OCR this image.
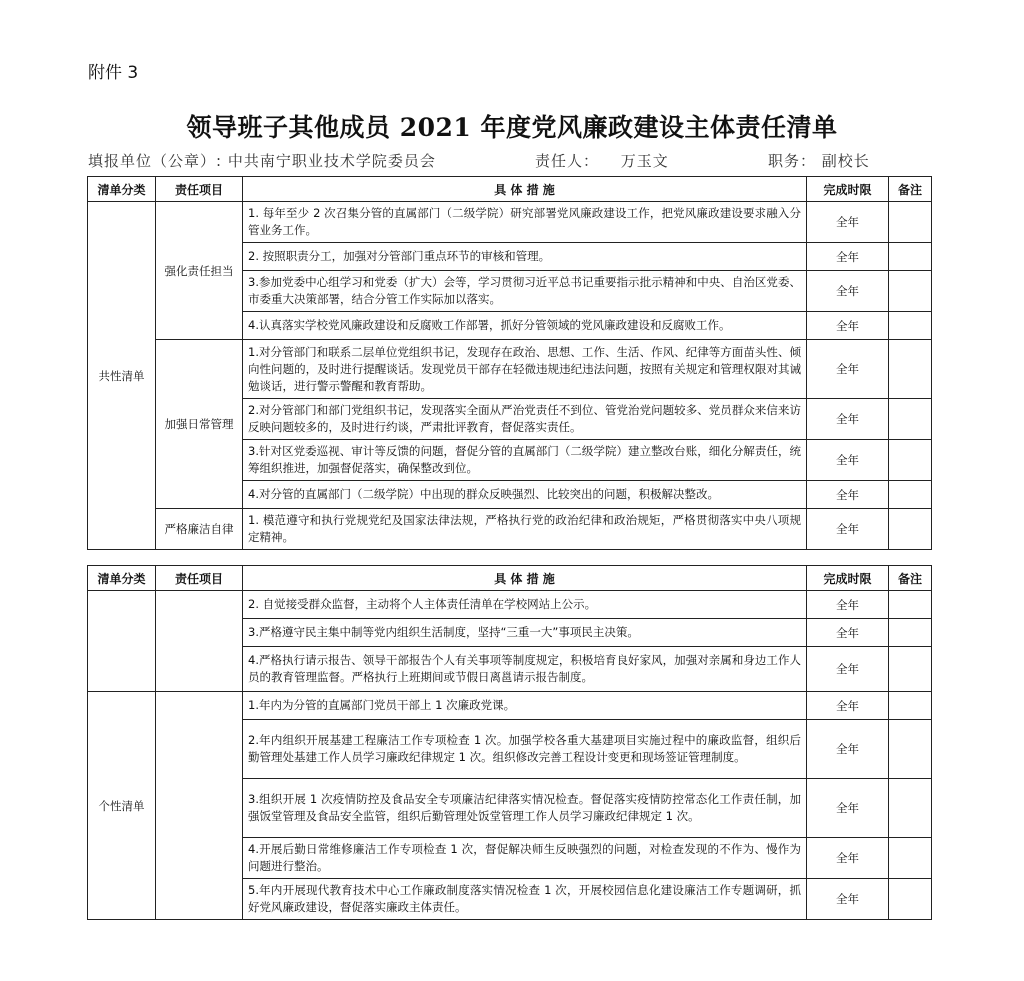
附件 3
领导班子其他成员 2021 年度党风廉政建设主体责任清单
填报单位（公章）: 中共南宁职业技术学院委员会	责任人： 万玉文	职务： 副校长
清单分类	责任项目	具 体 措 施	完成时限	备注
共性清单	强化责任担当	1. 每年至少 2 次召集分管的直属部门（二级学院）研究部署党风廉政建设工作，把党风廉政建设要求融入分管业务工作。	全年	
		2. 按照职责分工，加强对分管部门重点环节的审核和管理。	全年	
		3.参加党委中心组学习和党委（扩大）会等，学习贯彻习近平总书记重要指示批示精神和中央、自治区党委、市委重大决策部署，结合分管工作实际加以落实。	全年	
		4.认真落实学校党风廉政建设和反腐败工作部署，抓好分管领域的党风廉政建设和反腐败工作。	全年	
	加强日常管理	1.对分管部门和联系二层单位党组织书记，发现存在政治、思想、工作、生活、作风、纪律等方面苗头性、倾向性问题的，及时进行提醒谈话。发现党员干部存在轻微违规违纪违法问题，按照有关规定和管理权限对其诫勉谈话，进行警示警醒和教育帮助。	全年	
		2.对分管部门和部门党组织书记，发现落实全面从严治党责任不到位、管党治党问题较多、党员群众来信来访反映问题较多的，及时进行约谈，严肃批评教育，督促落实责任。	全年	
		3.针对区党委巡视、审计等反馈的问题，督促分管的直属部门（二级学院）建立整改台账，细化分解责任，统筹组织推进，加强督促落实，确保整改到位。	全年	
		4.对分管的直属部门（二级学院）中出现的群众反映强烈、比较突出的问题，积极解决整改。	全年	
	严格廉洁自律	1. 模范遵守和执行党规党纪及国家法律法规，严格执行党的政治纪律和政治规矩，严格贯彻落实中央八项规定精神。	全年	
清单分类	责任项目	具 体 措 施	完成时限	备注
		2. 自觉接受群众监督，主动将个人主体责任清单在学校网站上公示。	全年	
		3.严格遵守民主集中制等党内组织生活制度，坚持“三重一大”事项民主决策。	全年	
		4.严格执行请示报告、领导干部报告个人有关事项等制度规定，积极培育良好家风，加强对亲属和身边工作人员的教育管理监督。严格执行上班期间或节假日离邕请示报告制度。	全年	
个性清单		1.年内为分管的直属部门党员干部上 1 次廉政党课。	全年	
		2.年内组织开展基建工程廉洁工作专项检查 1 次。加强学校各重大基建项目实施过程中的廉政监督，组织后勤管理处基建工作人员学习廉政纪律规定 1 次。组织修改完善工程设计变更和现场签证管理制度。	全年	
		3.组织开展 1 次疫情防控及食品安全专项廉洁纪律落实情况检查。督促落实疫情防控常态化工作责任制，加强饭堂管理及食品安全监管，组织后勤管理处饭堂管理工作人员学习廉政纪律规定 1 次。	全年	
		4.开展后勤日常维修廉洁工作专项检查 1 次，督促解决师生反映强烈的问题，对检查发现的不作为、慢作为问题进行整治。	全年	
		5.年内开展现代教育技术中心工作廉政制度落实情况检查 1 次，开展校园信息化建设廉洁工作专题调研，抓好党风廉政建设，督促落实廉政主体责任。	全年	
